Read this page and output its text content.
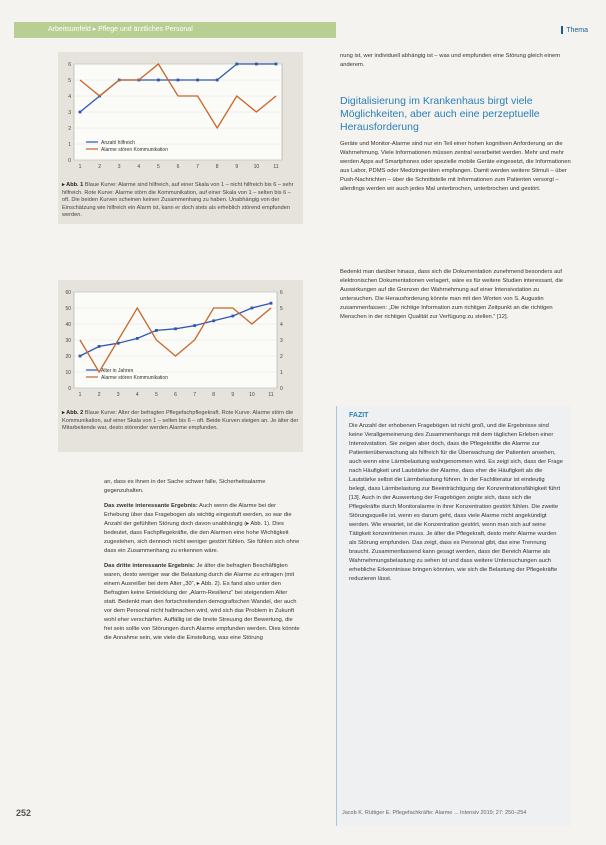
Arbeitsumfeld ▸ Pflege und ärztliches Personal	Thema
0
1
2
3
4
5
6
1	2	3	4	5	6	7	8	9	10	11
Anzahl hilfreich
Alarme stören Kommunikation
▸ Abb. 1 Blaue Kurve: Alarme sind hilfreich, auf einer Skala von 1 – nicht hilfreich bis 6 – sehr hilfreich. Rote Kurve: Alarme störn die Kommunikation, auf einer Skala von 1 – selten bis 6 – oft. Die beiden Kurven scheinen keinen Zusammenhang zu haben. Unabhängig von der Einschätzung wie hilfreich ein Alarm ist, kann er doch stets als erheblich störend empfunden werden.
0
10
20
30
40
50
60
0
1
2
3
4
5
6
1	2	3	4	5	6	7	8	9	10	11
Alter in Jahren
Alarme stören Kommunikation
▸ Abb. 2 Blaue Kurve: Alter der befragten Pflegefachpflegekraft. Rote Kurve: Alarme störn die Kommunikation, auf einer Skala von 1 – selten bis 6 – oft. Beide Kurven steigen an. Je älter der Mitarbeitende war, desto störender werden Alarme empfunden.

an, dass es ihnen in der Sache schwer falle, Sicherheitsalarme gegenzuhalten.

Das zweite interessante Ergebnis: Auch wenn die Alarme bei der Erhebung über das Fragebogen als wichtig eingestuft werden, so war die Anzahl der gefühlten Störung doch davon unabhängig (▸ Abb. 1). Dies bedeutet, dass Fachpflegekräfte, die den Alarmen eine hohe Wichtigkeit zugestehen, sich dennoch nicht weniger gestört fühlen. Sie fühlen sich ohne dass ein Zusammenhang zu erkennen wäre.

Das dritte interessante Ergebnis: Je älter die befragten Beschäftigten waren, desto weniger war die Belastung durch die Alarme zu ertragen (mit einem Ausreißer bei dem Alter „30“, ▸ Abb. 2). Es fand also unter den Befragten keine Entwicklung der „Alarm-Resilienz“ bei steigendem Alter statt. Bedenkt man den fortschreitenden demografischen Wandel, der auch vor dem Personal nicht haltmachen wird, wird sich das Problem in Zukunft wohl eher verschärfen. Auffällig ist die breite Streuung der Bewertung, die frei sein sollte von Störungen durch Alarme empfunden werden. Dies könnte die Annahme sein, wie viele die Einstellung, was eine Störung

nung ist, wer individuell abhängig ist – was und empfunden eine Störung gleich einem anderem.

Digitalisierung im Krankenhaus birgt viele Möglichkeiten, aber auch eine perzeptuelle Herausforderung

Geräte und Monitor-Alarme sind nur ein Teil einer hohen kognitiven Anforderung an die Wahrnehmung. Viele Informationen müssen zentral verarbeitet werden. Mehr und mehr werden Apps auf Smartphones oder spezielle mobile Geräte eingesetzt, die Informationen aus Labor, PDMS oder Medizingeräten empfangen. Damit werden weitere Stimuli – über Push-Nachrichten – über die Schnittstelle mit Informationen zum Patienten versorgt – allerdings werden wir auch jedes Mal unterbrochen, unterbrochen und gestört.

Bedenkt man darüber hinaus, dass sich die Dokumentation zunehmend besonders auf elektronischen Dokumentationen verlagert, wäre es für weitere Studien interessant, die Auswirkungen auf die Grenzen der Wahrnehmung auf einer Intensivstation zu untersuchen. Die Herausforderung könnte man mit den Worten von S. Augustin zusammenfassen: „Die richtige Information zum richtigen Zeitpunkt an die richtigen Menschen in der richtigen Qualität zur Verfügung zu stellen.“ [12].

FAZIT
Die Anzahl der erhobenen Fragebögen ist nicht groß, und die Ergebnisse sind keine Verallgemeinerung des Zusammenhangs mit dem täglichen Erleben einer Intensivstation. Sie zeigen aber doch, dass die Pflegekräfte die Alarme zur Patientenüberwachung als hilfreich für die Überwachung der Patienten ansehen, auch wenn eine Lärmbelastung wahrgenommen wird. Es zeigt sich, dass der Frage nach Häufigkeit und Lautstärke der Alarme, dass eher die Häufigkeit als die Lautstärke selbst die Lärmbelastung führen. In der Fachliteratur ist eindeutig belegt, dass Lärmbelastung zur Beeinträchtigung der Konzentrationsfähigkeit führt [13]. Auch in der Auswertung der Fragebögen zeigte sich, dass sich die Pflegekräfte durch Monitoralarme in ihrer Konzentration gestört fühlen. Die zweite Störungsquelle ist, wenn es darum geht, dass viele Alarme nicht angekündigt werden. Wie erwartet, ist die Konzentration gestört, wenn man sich auf seine Tätigkeit konzentrieren muss. Je älter die Pflegekraft, desto mehr Alarme wurden als Störung empfunden. Das zeigt, dass es Personal gibt, das eine Trennung braucht. Zusammenfassend kann gesagt werden, dass der Bereich Alarme als Wahrnehmungsbelastung zu sehen ist und dass weitere Untersuchungen auch erhebliche Erkenntnisse bringen könnten, wie sich die Belastung der Pflegekräfte reduzieren lässt.
252	Jacob K. Rüttiger E. Pflegefachkräfte: Alarme ... Intensiv 2019; 27: 250–254
